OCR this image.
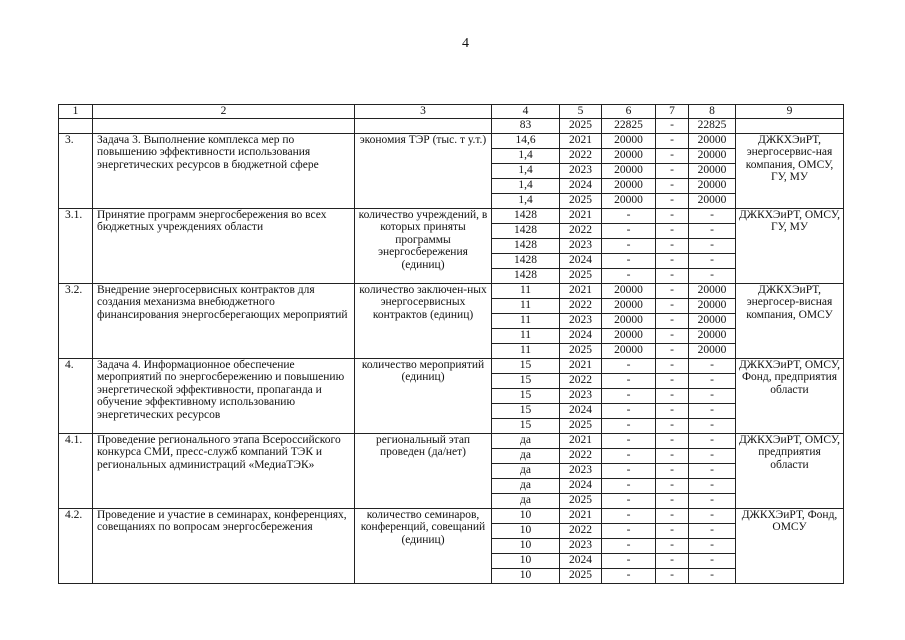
4
1	2	3	4	5	6	7	8	9
			83	2025	22825	-	22825	
3.	Задача 3. Выполнение комплекса мер по повышению эффективности использования энергетических ресурсов в бюджетной сфере	экономия ТЭР (тыс. т у.т.)	14,6	2021	20000	-	20000	ДЖКХЭиРТ, энергосервис-ная компания, ОМСУ, ГУ, МУ
			1,4	2022	20000	-	20000	
			1,4	2023	20000	-	20000	
			1,4	2024	20000	-	20000	
			1,4	2025	20000	-	20000	
3.1.	Принятие программ энергосбережения во всех бюджетных учреждениях области	количество учреждений, в которых приняты программы энергосбережения (единиц)	1428	2021	-	-	-	ДЖКХЭиРТ, ОМСУ, ГУ, МУ
			1428	2022	-	-	-	
			1428	2023	-	-	-	
			1428	2024	-	-	-	
			1428	2025	-	-	-	
3.2.	Внедрение энергосервисных контрактов для создания механизма внебюджетного финансирования энергосберегающих мероприятий	количество заключен-ных энергосервисных контрактов (единиц)	11	2021	20000	-	20000	ДЖКХЭиРТ, энергосер-висная компания, ОМСУ
			11	2022	20000	-	20000	
			11	2023	20000	-	20000	
			11	2024	20000	-	20000	
			11	2025	20000	-	20000	
4.	Задача 4. Информационное обеспечение мероприятий по энергосбережению и повышению энергетической эффективности, пропаганда и обучение эффективному использованию энергетических ресурсов	количество мероприятий (единиц)	15	2021	-	-	-	ДЖКХЭиРТ, ОМСУ, Фонд, предприятия области
			15	2022	-	-	-	
			15	2023	-	-	-	
			15	2024	-	-	-	
			15	2025	-	-	-	
4.1.	Проведение регионального этапа Всероссийского конкурса СМИ, пресс-служб компаний ТЭК и региональных администраций «МедиаТЭК»	региональный этап проведен (да/нет)	да	2021	-	-	-	ДЖКХЭиРТ, ОМСУ, предприятия области
			да	2022	-	-	-	
			да	2023	-	-	-	
			да	2024	-	-	-	
			да	2025	-	-	-	
4.2.	Проведение и участие в семинарах, конференциях, совещаниях по вопросам энергосбережения	количество семинаров, конференций, совещаний (единиц)	10	2021	-	-	-	ДЖКХЭиРТ, Фонд, ОМСУ
			10	2022	-	-	-	
			10	2023	-	-	-	
			10	2024	-	-	-	
			10	2025	-	-	-	
